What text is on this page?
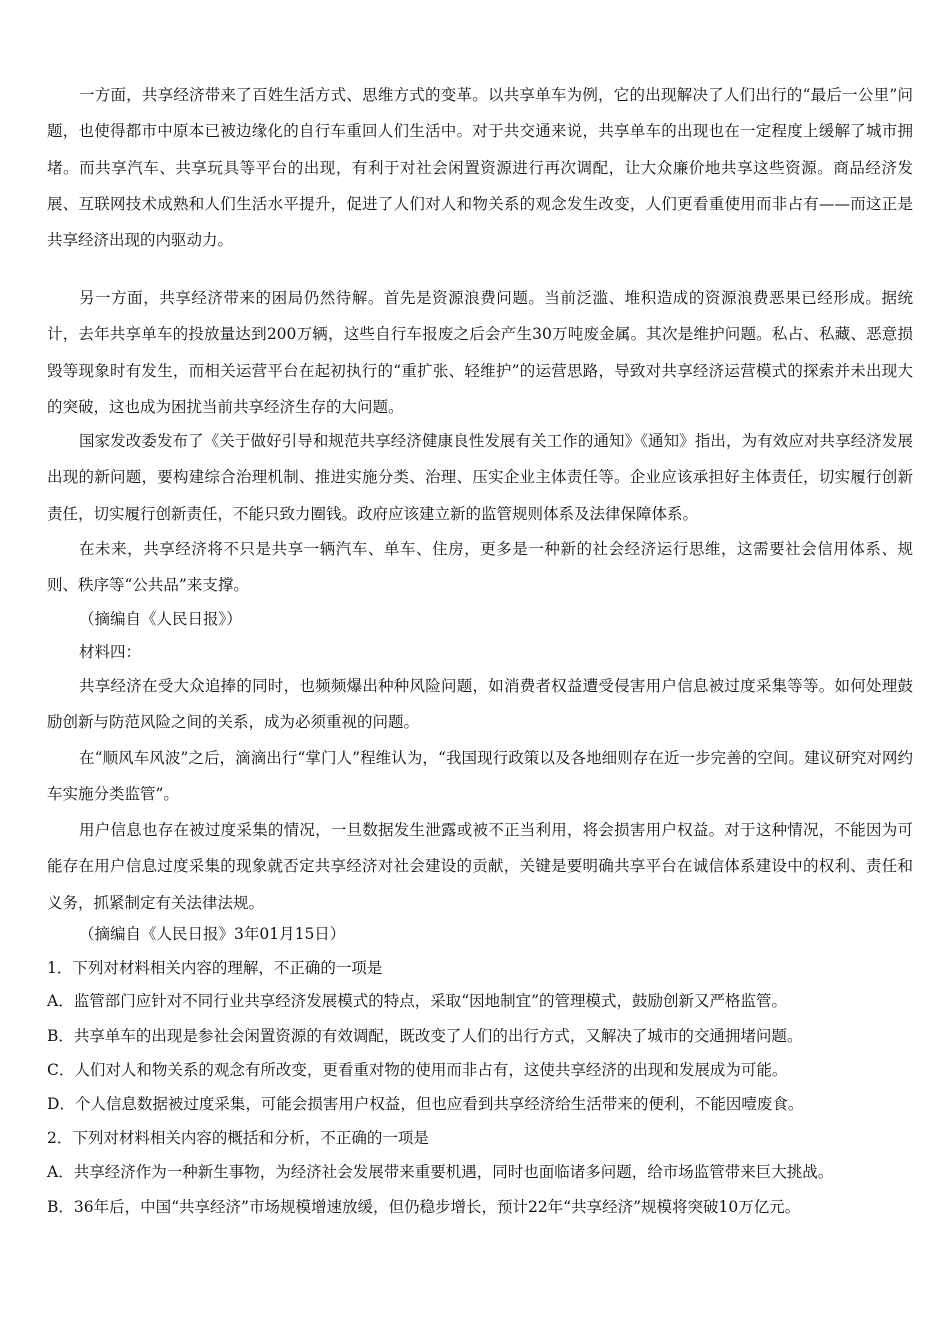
一方面，共享经济带来了百姓生活方式、思维方式的变革。以共享单车为例，它的出现解决了人们出行的“最后一公里”问题，也使得都市中原本已被边缘化的自行车重回人们生活中。对于共交通来说，共享单车的出现也在一定程度上缓解了城市拥堵。而共享汽车、共享玩具等平台的出现，有利于对社会闲置资源进行再次调配，让大众廉价地共享这些资源。商品经济发展、互联网技术成熟和人们生活水平提升，促进了人们对人和物关系的观念发生改变，人们更看重使用而非占有——而这正是共享经济出现的内驱动力。

另一方面，共享经济带来的困局仍然待解。首先是资源浪费问题。当前泛滥、堆积造成的资源浪费恶果已经形成。据统计，去年共享单车的投放量达到200万辆，这些自行车报废之后会产生30万吨废金属。其次是维护问题。私占、私藏、恶意损毁等现象时有发生，而相关运营平台在起初执行的“重扩张、轻维护”的运营思路，导致对共享经济运营模式的探索并未出现大的突破，这也成为困扰当前共享经济生存的大问题。

国家发改委发布了《关于做好引导和规范共享经济健康良性发展有关工作的通知》《通知》指出，为有效应对共享经济发展出现的新问题，要构建综合治理机制、推进实施分类、治理、压实企业主体责任等。企业应该承担好主体责任，切实履行创新责任，切实履行创新责任，不能只致力圈钱。政府应该建立新的监管规则体系及法律保障体系。

在未来，共享经济将不只是共享一辆汽车、单车、住房，更多是一种新的社会经济运行思维，这需要社会信用体系、规则、秩序等“公共品”来支撑。

（摘编自《人民日报》）

材料四：

共享经济在受大众追捧的同时，也频频爆出种种风险问题，如消费者权益遭受侵害用户信息被过度采集等等。如何处理鼓励创新与防范风险之间的关系，成为必须重视的问题。

在“顺风车风波”之后，滴滴出行“掌门人”程维认为，“我国现行政策以及各地细则存在近一步完善的空间。建议研究对网约车实施分类监管”。

用户信息也存在被过度采集的情况，一旦数据发生泄露或被不正当利用，将会损害用户权益。对于这种情况，不能因为可能存在用户信息过度采集的现象就否定共享经济对社会建设的贡献，关键是要明确共享平台在诚信体系建设中的权利、责任和义务，抓紧制定有关法律法规。

（摘编自《人民日报》3年01月15日）

1．下列对材料相关内容的理解，不正确的一项是

A．监管部门应针对不同行业共享经济发展模式的特点，采取“因地制宜”的管理模式，鼓励创新又严格监管。

B．共享单车的出现是参社会闲置资源的有效调配，既改变了人们的出行方式，又解决了城市的交通拥堵问题。

C．人们对人和物关系的观念有所改变，更看重对物的使用而非占有，这使共享经济的出现和发展成为可能。

D．个人信息数据被过度采集，可能会损害用户权益，但也应看到共享经济给生活带来的便利，不能因噎废食。

2．下列对材料相关内容的概括和分析，不正确的一项是

A．共享经济作为一种新生事物，为经济社会发展带来重要机遇，同时也面临诸多问题，给市场监管带来巨大挑战。

B．36年后，中国“共享经济”市场规模增速放缓，但仍稳步增长，预计22年“共享经济”规模将突破10万亿元。
